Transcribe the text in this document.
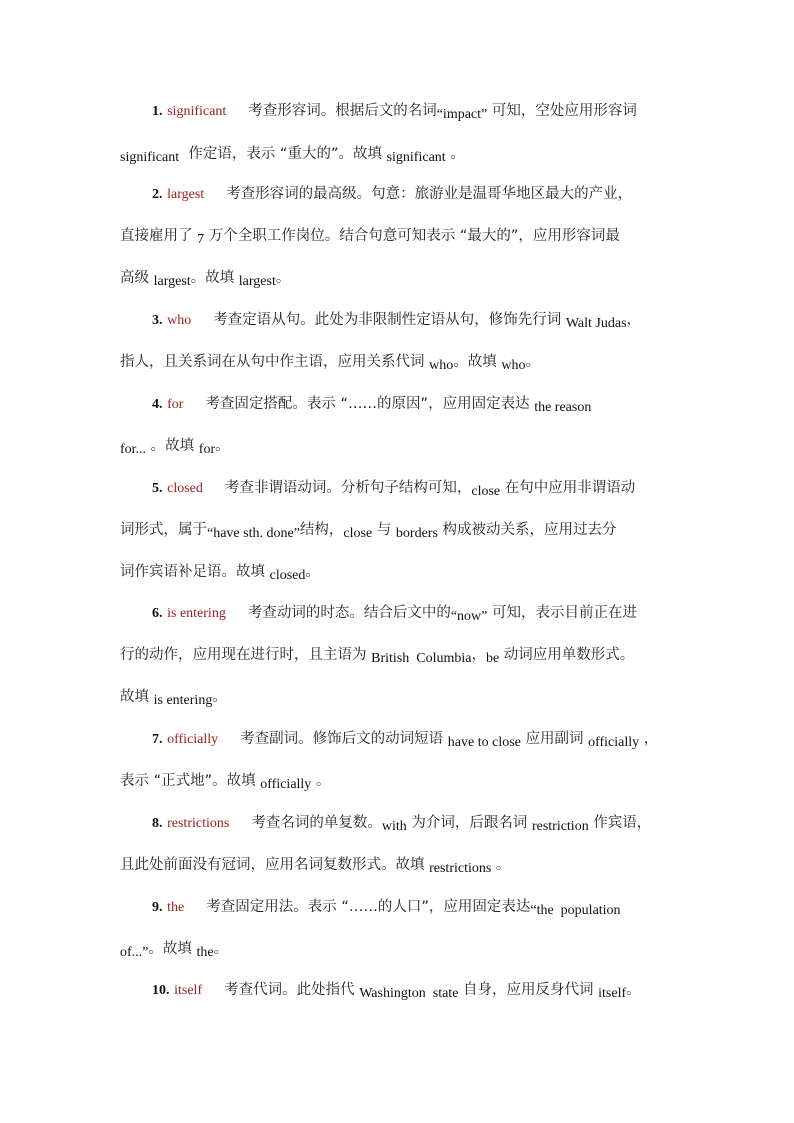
1. significant 考查形容词。根据后文的名词“impact” 可知，空处应用形容词
significant  作定语，表示 “重大的”。故填 significant 。
2. largest 考查形容词的最高级。句意：旅游业是温哥华地区最大的产业，
直接雇用了 7 万个全职工作岗位。结合句意可知表示 “最大的”，应用形容词最
高级 largest。故填 largest。
3. who 考查定语从句。此处为非限制性定语从句，修饰先行词 Walt Judas，
指人，且关系词在从句中作主语，应用关系代词 who。故填 who。
4. for 考查固定搭配。表示 “……的原因”，应用固定表达 the reason
for... 。故填 for。
5. closed 考查非谓语动词。分析句子结构可知，close 在句中应用非谓语动
词形式，属于“have sth. done”结构，close 与 borders 构成被动关系，应用过去分
词作宾语补足语。故填 closed。
6. is entering 考查动词的时态。结合后文中的“now” 可知，表示目前正在进
行的动作，应用现在进行时，且主语为 British  Columbia，be 动词应用单数形式。
故填 is entering。
7. officially 考查副词。修饰后文的动词短语 have to close 应用副词 officially ，
表示 “正式地”。故填 officially 。
8. restrictions 考查名词的单复数。with 为介词，后跟名词 restriction 作宾语，
且此处前面没有冠词，应用名词复数形式。故填 restrictions 。
9. the 考查固定用法。表示 “……的人口”，应用固定表达“the  population
of...”。故填 the。
10. itself 考查代词。此处指代 Washington  state 自身，应用反身代词 itself。
